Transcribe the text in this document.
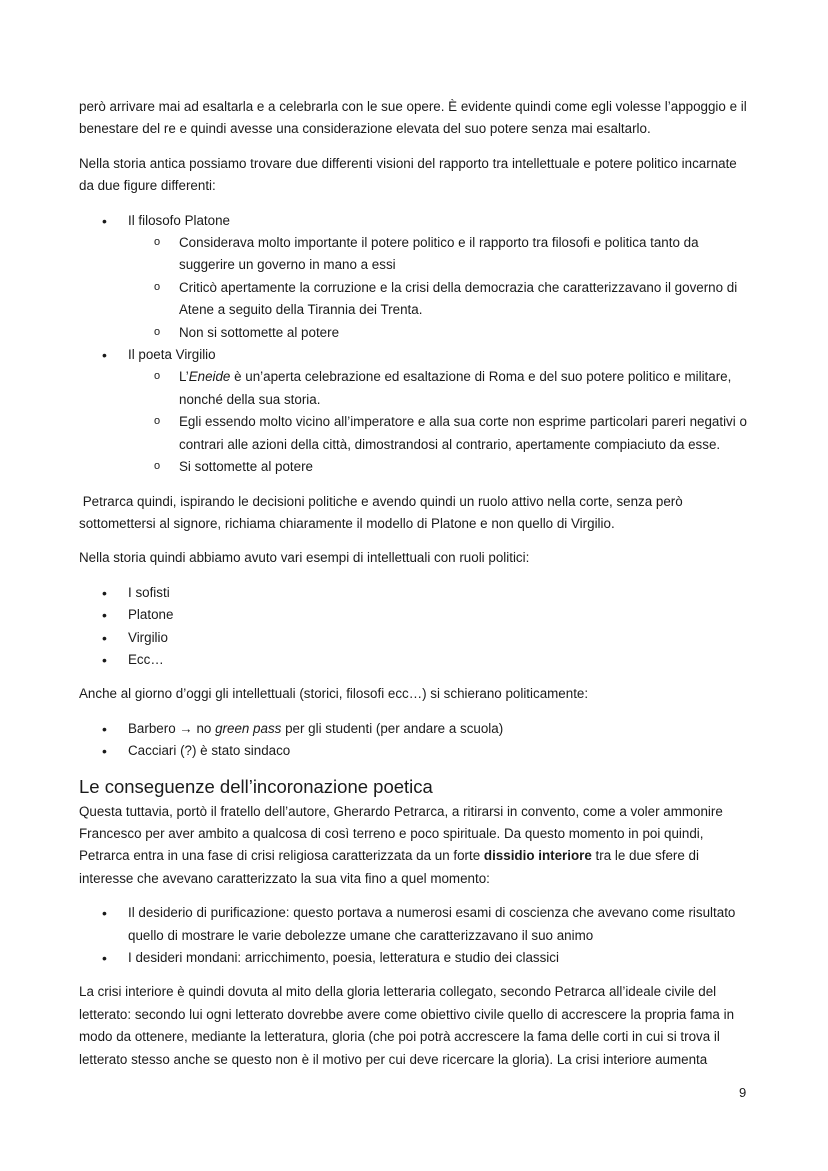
però arrivare mai ad esaltarla e a celebrarla con le sue opere. È evidente quindi come egli volesse l’appoggio e il benestare del re e quindi avesse una considerazione elevata del suo potere senza mai esaltarlo.

Nella storia antica possiamo trovare due differenti visioni del rapporto tra intellettuale e potere politico incarnate da due figure differenti:

• Il filosofo Platone
o Considerava molto importante il potere politico e il rapporto tra filosofi e politica tanto da suggerire un governo in mano a essi
o Criticò apertamente la corruzione e la crisi della democrazia che caratterizzavano il governo di Atene a seguito della Tirannia dei Trenta.
o Non si sottomette al potere
• Il poeta Virgilio
o L’Eneide è un’aperta celebrazione ed esaltazione di Roma e del suo potere politico e militare, nonché della sua storia.
o Egli essendo molto vicino all’imperatore e alla sua corte non esprime particolari pareri negativi o contrari alle azioni della città, dimostrandosi al contrario, apertamente compiaciuto da esse.
o Si sottomette al potere

Petrarca quindi, ispirando le decisioni politiche e avendo quindi un ruolo attivo nella corte, senza però sottomettersi al signore, richiama chiaramente il modello di Platone e non quello di Virgilio.

Nella storia quindi abbiamo avuto vari esempi di intellettuali con ruoli politici:

• I sofisti
• Platone
• Virgilio
• Ecc…

Anche al giorno d’oggi gli intellettuali (storici, filosofi ecc…) si schierano politicamente:

• Barbero → no green pass per gli studenti (per andare a scuola)
• Cacciari (?) è stato sindaco
Le conseguenze dell’incoronazione poetica

Questa tuttavia, portò il fratello dell’autore, Gherardo Petrarca, a ritirarsi in convento, come a voler ammonire Francesco per aver ambito a qualcosa di così terreno e poco spirituale. Da questo momento in poi quindi, Petrarca entra in una fase di crisi religiosa caratterizzata da un forte dissidio interiore tra le due sfere di interesse che avevano caratterizzato la sua vita fino a quel momento:

• Il desiderio di purificazione: questo portava a numerosi esami di coscienza che avevano come risultato quello di mostrare le varie debolezze umane che caratterizzavano il suo animo
• I desideri mondani: arricchimento, poesia, letteratura e studio dei classici

La crisi interiore è quindi dovuta al mito della gloria letteraria collegato, secondo Petrarca all’ideale civile del letterato: secondo lui ogni letterato dovrebbe avere come obiettivo civile quello di accrescere la propria fama in modo da ottenere, mediante la letteratura, gloria (che poi potrà accrescere la fama delle corti in cui si trova il letterato stesso anche se questo non è il motivo per cui deve ricercare la gloria). La crisi interiore aumenta

9
